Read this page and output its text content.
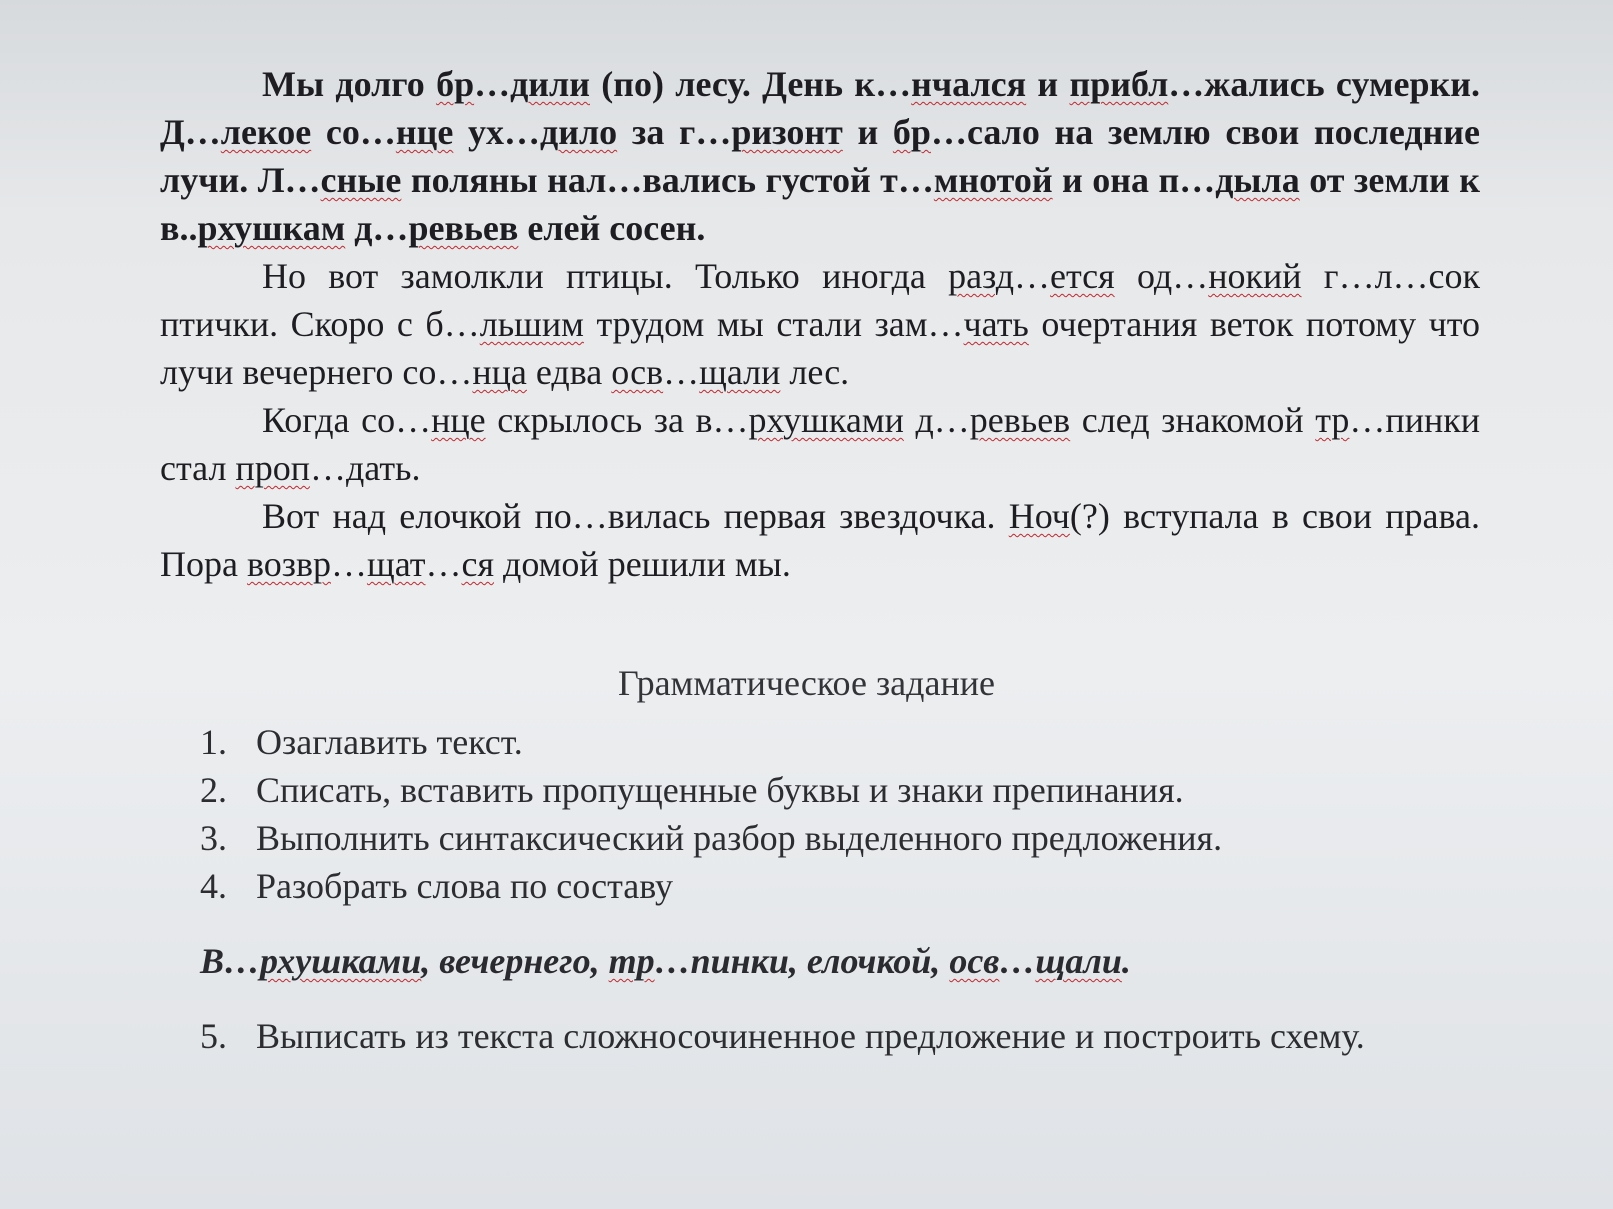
Мы долго бр…дили (по) лесу. День к…нчался и прибл…жались сумерки. Д…лекое со…нце ух…дило за г…ризонт и бр…сало на землю свои последние лучи. Л…сные поляны нал…вались густой т…мнотой и она п…дыла от земли к в..рхушкам д…ревьев елей сосен.

Но вот замолкли птицы. Только иногда разд…ется од…нокий г…л…сок птички. Скоро с б…льшим трудом мы стали зам…чать очертания веток потому что лучи вечернего со…нца едва осв…щали лес.

Когда со…нце скрылось за в…рхушками д…ревьев след знакомой тр…пинки стал проп…дать.

Вот над елочкой по…вилась первая звездочка. Ноч(?) вступала в свои права. Пора возвр…щат…ся домой решили мы.

Грамматическое задание
1. Озаглавить текст.
2. Списать, вставить пропущенные буквы и знаки препинания.
3. Выполнить синтаксический разбор выделенного предложения.
4. Разобрать слова по составу
В…рхушками, вечернего, тр…пинки, елочкой, осв…щали.
5. Выписать из текста сложносочиненное предложение и построить схему.
